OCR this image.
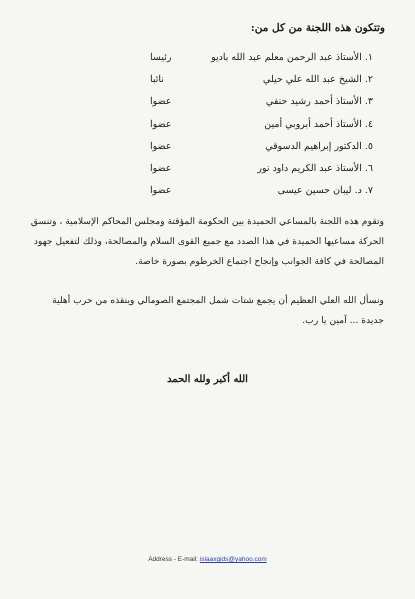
وتتكون هذه اللجنة من كل من:
١. الأستاذ عبد الرحمن معلم عبد الله باديو
رئيسا
٢. الشيخ عبد الله علي حيلي
نائبا
٣. الأستاذ أحمد رشيد حنفي
عضوا
٤. الأستاذ أحمد أبروبي أمين
عضوا
٥. الدكتور إبراهيم الدسوقي
عضوا
٦. الأستاذ عبد الكريم داود نور
عضوا
٧. د. ليبان حسين عيسى
عضوا
وتقوم هذه اللجنة بالمساعي الحميدة بين الحكومة المؤقتة ومجلس المحاكم الإسلامية ، وتنسق الحركة مساعيها الحميدة في هذا الصدد مع جميع القوى السلام والمصالحة، وذلك لتفعيل جهود المصالحة في كافة الجوانب وإنجاح اجتماع الخرطوم بصورة خاصة.
ونسأل الله العلي العظيم أن يجمع شتات شمل المجتمع الصومالي وينقذه من حرب أهلية جديدة ... آمين يا رب.
الله أكبر ولله الحمد
Address - E-mail: islaaxgids@yahoo.com
